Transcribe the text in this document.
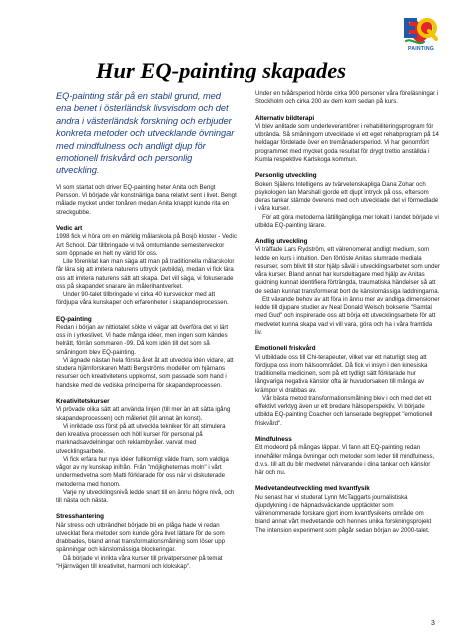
PAINTING
Hur EQ-painting skapades
EQ-painting står på en stabil grund, med ena benet i österländsk livsvisdom och det andra i västerländsk forskning och erbjuder konkreta metoder och utvecklande övningar med mindfulness och andligt djup för emotionell friskvård och personlig utveckling.

Vi som startat och driver EQ-painting heter Anita och Bengt Persson. Vi började vår konstnärliga bana relativt sent i livet. Bengt målade mycket under tonåren medan Anita knappt kunde rita en streckgubbe.

Vedic art

1998 fick vi höra om en märklig målarskola på Bosjö kloster - Vedic Art School. Där tillbringade vi två omtumlande semesterveckor som öppnade en helt ny värld för oss.

Lite förenklat kan man säga att man på traditionella målarskolor får lära sig att imitera naturens uttryck (avbilda), medan vi fick lära oss att imitera naturens sätt att skapa. Det vill säga, vi fokuserade oss på skapandet snarare än målerihantverket.

Under 90-talet tillbringade vi cirka 40 kursveckor med att fördjupa våra kunskaper och erfarenheter i skapandeprocessen.

EQ-painting

Redan i början av nittiotalet sökte vi vägar att överföra det vi lärt oss in i yrkeslivet. Vi hade många idéer, men ingen som kändes helrätt, förrän sommaren -99. Då kom idén till det som så småningom blev EQ-painting.

Vi ägnade nästan hela första året åt att utveckla idén vidare, att studera hjärnforskaren Matti Bergströms modeller om hjärnans resurser och kreativitetens uppkomst, som passade som hand i handske med de vediska principerna för skapandeprocessen.

Kreativitetskurser

Vi prövade olika sätt att använda linjen (till mer än att sätta igång skapandeprocessen) och måleriet (till annat än konst).

Vi inriktade oss först på att utveckla tekniker för att stimulera den kreativa processen och höll kurser för personal på marknadsavdelningar och reklambyråer. varvat med utvecklingsarbete.

Vi fick erfara hur nya idéer fullkomligt välde fram, som valdiga vågor av ny kunskap inifrån. Från "möjligheternas moln" i vårt undermedvetna som Matti förklarade för oss när vi diskuterade metoderna med honom.

Varje ny utvecklingsnivå ledde snart till en ännu högre nivå, och till nästa och nästa.

Stresshantering

När stress och utbrändhet började bli en plåga hade vi redan utvecklat flera metoder som kunde göra livet lättare för de som drabbades, bland annat transformationsmålning som löser upp spänningar och känslomässiga blockeringar.

Då började vi inrikta våra kurser till privatpersoner på temat "Hjärnvägen till kreativitet, harmoni och klokskap".

Under en tvåårsperiod hörde cirka 900 personer våra föreläsningar i Stockholm och cirka 200 av dem kom sedan på kurs.

Alternativ bildterapi

Vi blev anlitade som underleverantörer i rehabiliteringsprogram för utbrända. Så småningom utvecklade vi ett eget rehabprogram på 14 heldagar fördelade över en tremånadersperiod. Vi har genomfört programmet med mycket goda resultat för drygt trettio anställda i Kumla respektive Karlskoga kommun.

Personlig utveckling

Boken Själens Intelligens av tvärvetenskapliga Dana Zohar och psykologen Ian Marshall gjorde ett djupt intryck på oss, eftersom deras tankar stämde överens med och utvecklade det vi förmedlade i våra kurser.

För att göra metoderna lättillgängliga mer lokalt i landet började vi utbilda EQ-painting lärare.

Andlig utveckling

Vi träffade Lars Rydström, ett välrenomerat andligt medium, som ledde en kurs i intuition. Den förlöste Anitas slumrade mediala resurser, som blivit till stor hjälp såväl i utvecklingsarbetet som under våra kurser. Bland annat har kursdeltagare med hjälp av Anitas guidning kunnat identifiera förträngda, traumatiska händelser så att de sedan kunnat transformerat bort de känslomässiga laddningarna.

Ett växande behov av att föra in ännu mer av andliga dimensioner ledde till djupare studier av Neal Donald Welsch bokserie "Samtal med Gud" och inspirerade oss att börja ett utvecklingsarbete för att medvetet kunna skapa vad vi vill vara, göra och ha i våra framtida liv.

Emotionell friskvård

Vi utbildade oss till Chi-terapeuter, vilket var ett naturligt steg att fördjupa oss inom hälsoområdet. Då fick vi insyn i den kinesiska traditionella medicinen, som på ett tydligt sätt förklarade hur långvariga negativa känslor ofta är huvudorsaken till många av krämpor vi drabbas av.

Vår bästa metod transformationsmålning blev i och med det ett effektivt verktyg även ur ett bredare hälsoperspektiv. Vi började utbilda EQ-painting Coacher och lanserade begreppet "emotionell friskvård".

Mindfulness

Ett modeord på mångas läppar. Vi fann att EQ-painting redan innehåller många övningar och metoder som leder till mindfulness, d.v.s. till att du blir medvetet närvarande i dina tankar och känslor här och nu.

Medvetandeutveckling med kvantfysik

Nu senast har vi studerat Lynn McTaggarts journalistiska djupdykning i de häpnadsväckande upptäckter som välrenommerade forskare gjort inom kvantfysikens område om bland annat vårt medvetande och hennes unika forskningsprojekt The intension experiment som pågår sedan början av 2000-talet.

3
